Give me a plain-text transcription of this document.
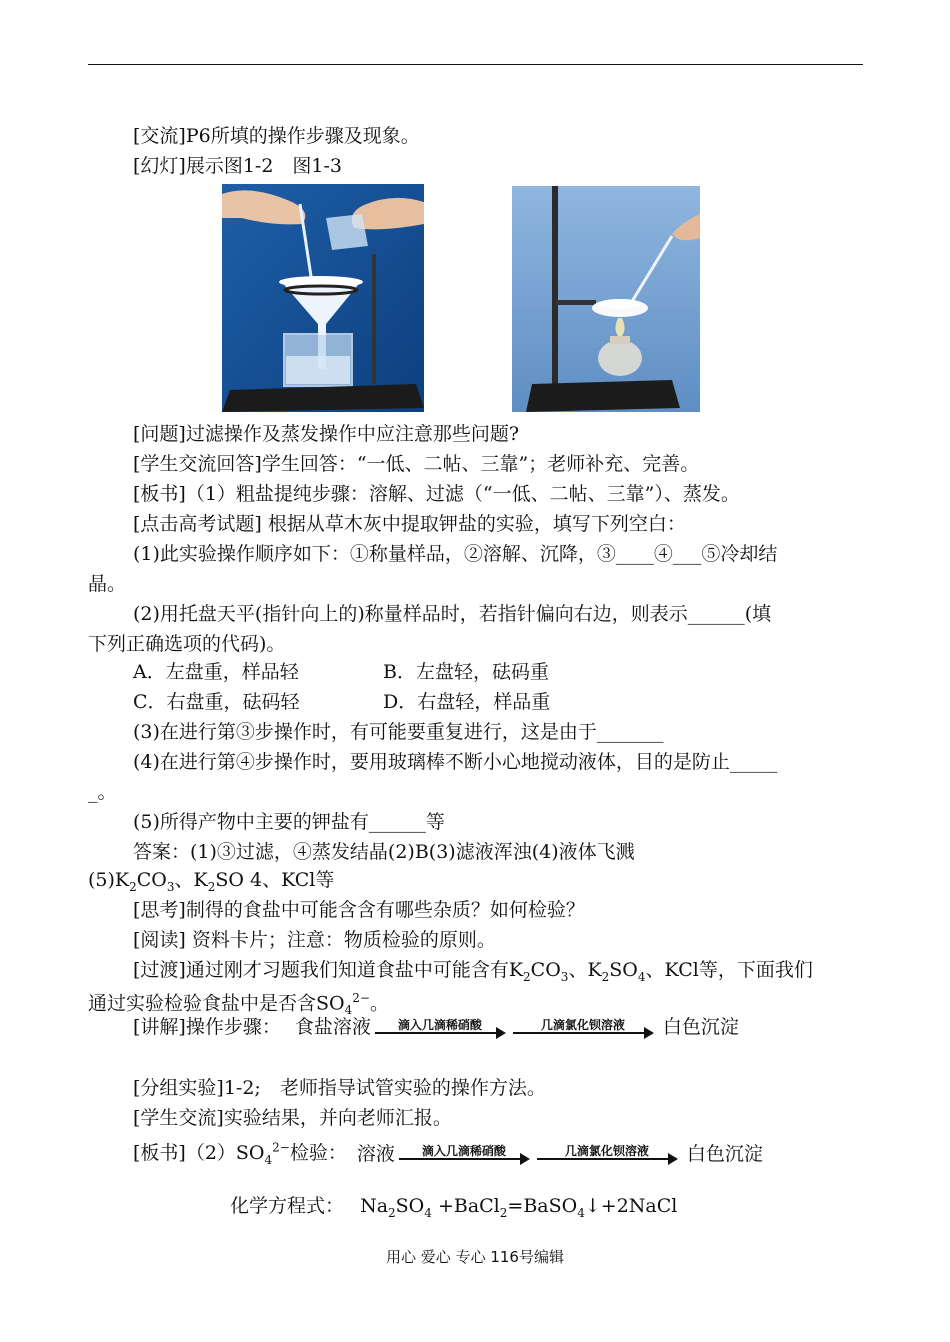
[交流]P6所填的操作步骤及现象。
[幻灯]展示图1-2　图1-3
[问题]过滤操作及蒸发操作中应注意那些问题?
[学生交流回答]学生回答：“一低、二帖、三靠”；老师补充、完善。
[板书]（1）粗盐提纯步骤：溶解、过滤（“一低、二帖、三靠”）、蒸发。
[点击高考试题] 根据从草木灰中提取钾盐的实验，填写下列空白：
(1)此实验操作顺序如下：①称量样品，②溶解、沉降，③____④___⑤冷却结
晶。
(2)用托盘天平(指针向上的)称量样品时，若指针偏向右边，则表示______(填
下列正确选项的代码)。
A．左盘重，样品轻	B．左盘轻，砝码重
C．右盘重，砝码轻	D．右盘轻，样品重
(3)在进行第③步操作时，有可能要重复进行，这是由于_______
(4)在进行第④步操作时，要用玻璃棒不断小心地搅动液体，目的是防止_____
_。
(5)所得产物中主要的钾盐有______等
答案：(1)③过滤，④蒸发结晶(2)B(3)滤液浑浊(4)液体飞溅
$(5)K_2CO_3$、$K_2SO$ 4、KCl等
[思考]制得的食盐中可能含含有哪些杂质？如何检验？
[阅读] 资料卡片；注意：物质检验的原则。
[过渡]通过刚才习题我们知道食盐中可能含有$K_2CO_3$、$K_2SO_4$、KCl等，下面我们
通过实验检验食盐中是否含$SO_4^{2-}$。
[讲解]操作步骤： 食盐溶液	滴入几滴稀硝酸	几滴氯化钡溶液	白色沉淀
[分组实验]1-2;　老师指导试管实验的操作方法。
[学生交流]实验结果，并向老师汇报。
[板书]$(2)SO_4^{2-}$检验： 溶液	滴入几滴稀硝酸	几滴氯化钡溶液	白色沉淀
化学方程式： $Na_2SO_4$ +BaCl$_2$=BaSO$_4$↓+2NaCl
用心 爱心 专心 116号编辑
